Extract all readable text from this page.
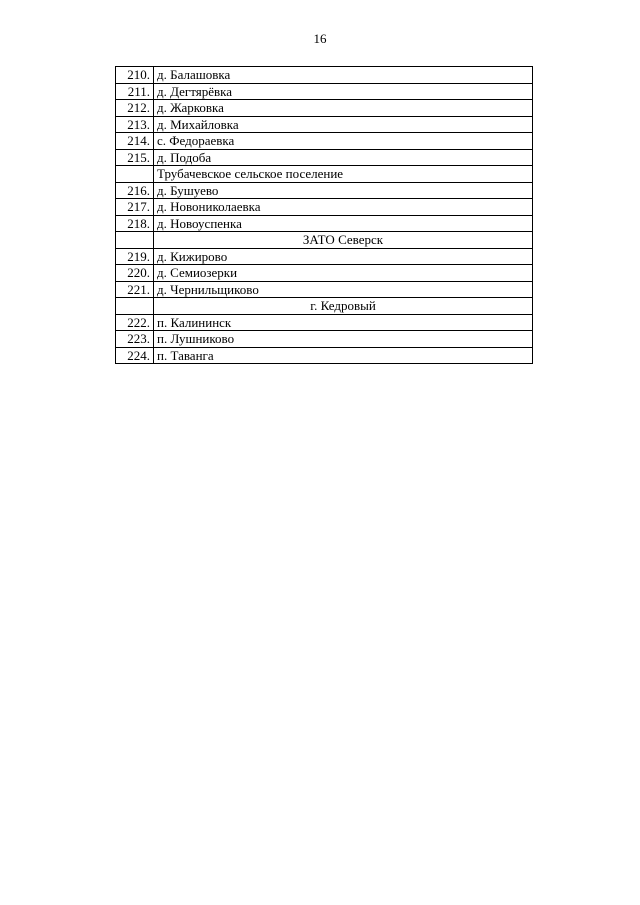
16
210.	д. Балашовка
211.	д. Дегтярёвка
212.	д. Жарковка
213.	д. Михайловка
214.	с. Федораевка
215.	д. Подоба
	Трубачевское сельское поселение
216.	д. Бушуево
217.	д. Новониколаевка
218.	д. Новоуспенка
	ЗАТО Северск
219.	д. Кижирово
220.	д. Семиозерки
221.	д. Чернильщиково
	г. Кедровый
222.	п. Калининск
223.	п. Лушниково
224.	п. Таванга
